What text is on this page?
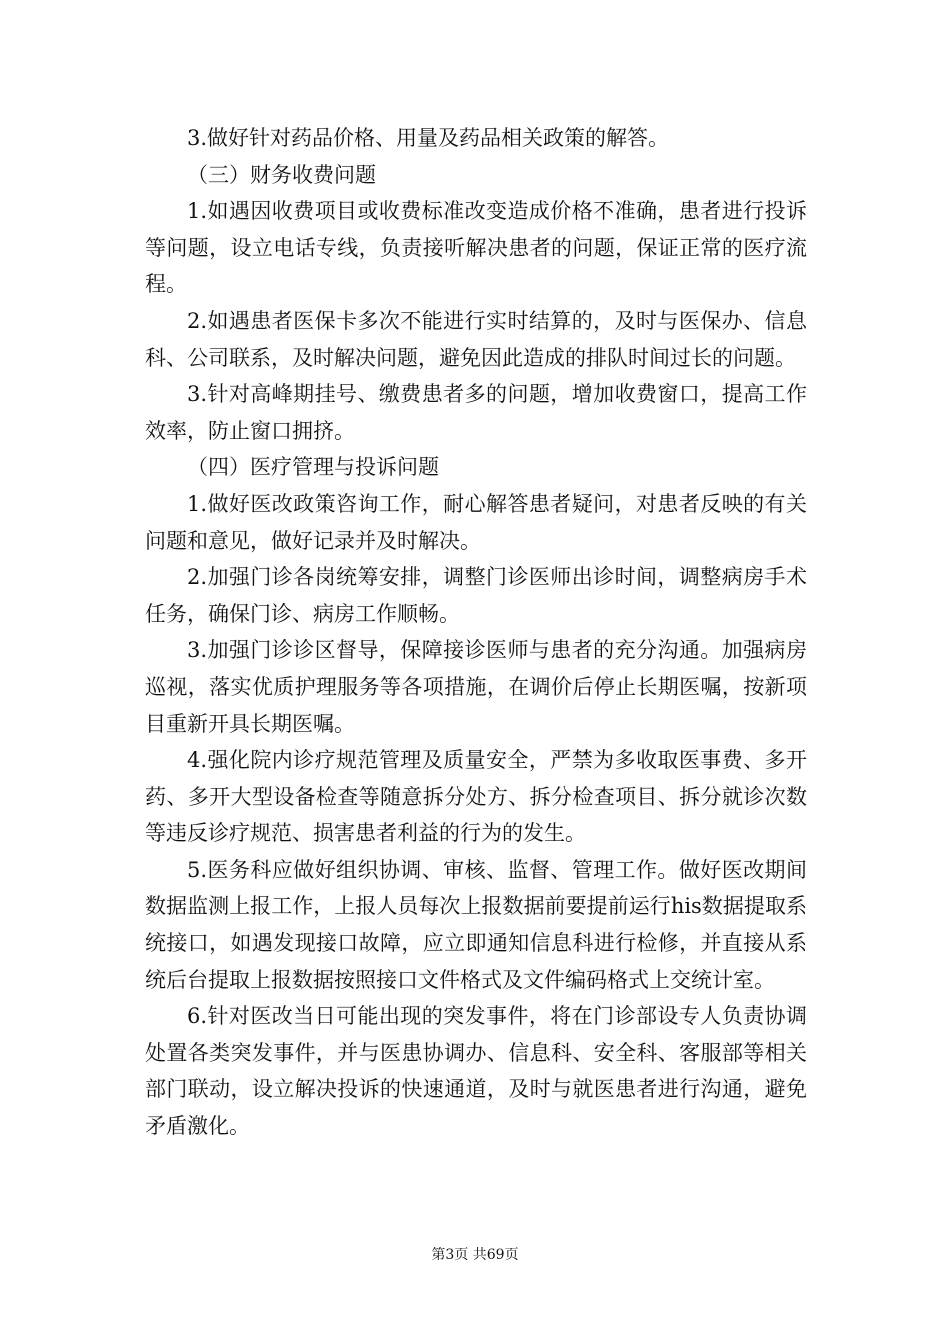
3.做好针对药品价格、用量及药品相关政策的解答。

（三）财务收费问题

1.如遇因收费项目或收费标准改变造成价格不准确，患者进行投诉等问题，设立电话专线，负责接听解决患者的问题，保证正常的医疗流程。

2.如遇患者医保卡多次不能进行实时结算的，及时与医保办、信息科、公司联系，及时解决问题，避免因此造成的排队时间过长的问题。

3.针对高峰期挂号、缴费患者多的问题，增加收费窗口，提高工作效率，防止窗口拥挤。

（四）医疗管理与投诉问题

1.做好医改政策咨询工作，耐心解答患者疑问，对患者反映的有关问题和意见，做好记录并及时解决。

2.加强门诊各岗统筹安排，调整门诊医师出诊时间，调整病房手术任务，确保门诊、病房工作顺畅。

3.加强门诊诊区督导，保障接诊医师与患者的充分沟通。加强病房巡视，落实优质护理服务等各项措施，在调价后停止长期医嘱，按新项目重新开具长期医嘱。

4.强化院内诊疗规范管理及质量安全，严禁为多收取医事费、多开药、多开大型设备检查等随意拆分处方、拆分检查项目、拆分就诊次数等违反诊疗规范、损害患者利益的行为的发生。

5.医务科应做好组织协调、审核、监督、管理工作。做好医改期间数据监测上报工作，上报人员每次上报数据前要提前运行his数据提取系统接口，如遇发现接口故障，应立即通知信息科进行检修，并直接从系统后台提取上报数据按照接口文件格式及文件编码格式上交统计室。

6.针对医改当日可能出现的突发事件，将在门诊部设专人负责协调处置各类突发事件，并与医患协调办、信息科、安全科、客服部等相关部门联动，设立解决投诉的快速通道，及时与就医患者进行沟通，避免矛盾激化。

第3页 共69页
